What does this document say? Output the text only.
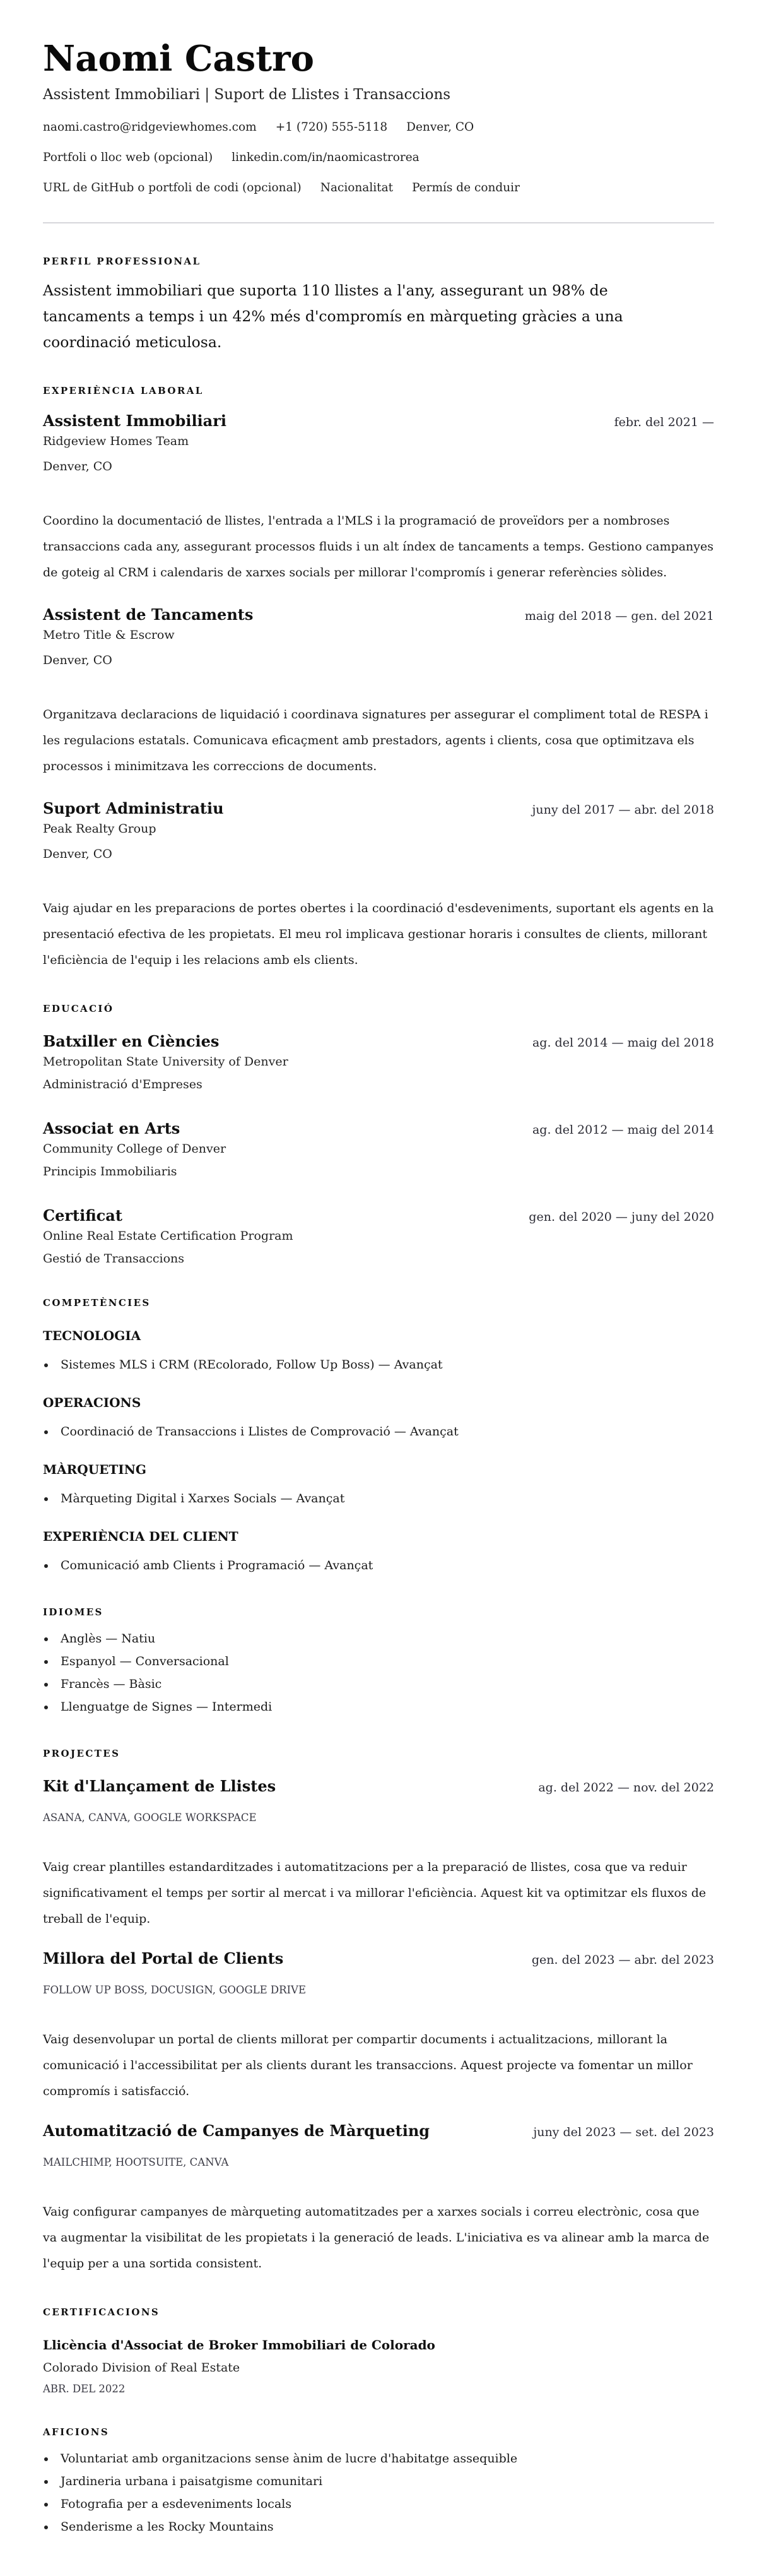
Naomi Castro
Assistent Immobiliari | Suport de Llistes i Transaccions
naomi.castro@ridgeviewhomes.com +1 (720) 555-5118 Denver, CO
Portfoli o lloc web (opcional) linkedin.com/in/naomicastrorea
URL de GitHub o portfoli de codi (opcional) Nacionalitat Permís de conduir
PERFIL PROFESSIONAL

Assistent immobiliari que suporta 110 llistes a l'any, assegurant un 98% de tancaments a temps i un 42% més d'compromís en màrqueting gràcies a una coordinació meticulosa.

EXPERIÈNCIA LABORAL
Assistent Immobiliari	febr. del 2021 —
Ridgeview Homes Team
Denver, CO

Coordino la documentació de llistes, l'entrada a l'MLS i la programació de proveïdors per a nombroses transaccions cada any, assegurant processos fluids i un alt índex de tancaments a temps. Gestiono campanyes de goteig al CRM i calendaris de xarxes socials per millorar l'compromís i generar referències sòlides.

Assistent de Tancaments	maig del 2018 — gen. del 2021
Metro Title & Escrow
Denver, CO

Organitzava declaracions de liquidació i coordinava signatures per assegurar el compliment total de RESPA i les regulacions estatals. Comunicava eficaçment amb prestadors, agents i clients, cosa que optimitzava els processos i minimitzava les correccions de documents.

Suport Administratiu	juny del 2017 — abr. del 2018
Peak Realty Group
Denver, CO

Vaig ajudar en les preparacions de portes obertes i la coordinació d'esdeveniments, suportant els agents en la presentació efectiva de les propietats. El meu rol implicava gestionar horaris i consultes de clients, millorant l'eficiència de l'equip i les relacions amb els clients.

EDUCACIÓ
Batxiller en Ciències	ag. del 2014 — maig del 2018
Metropolitan State University of Denver
Administració d'Empreses
Associat en Arts	ag. del 2012 — maig del 2014
Community College of Denver
Principis Immobiliaris
Certificat	gen. del 2020 — juny del 2020
Online Real Estate Certification Program
Gestió de Transaccions
COMPETÈNCIES
TECNOLOGIA
Sistemes MLS i CRM (REcolorado, Follow Up Boss) — Avançat
OPERACIONS
Coordinació de Transaccions i Llistes de Comprovació — Avançat
MÀRQUETING
Màrqueting Digital i Xarxes Socials — Avançat
EXPERIÈNCIA DEL CLIENT
Comunicació amb Clients i Programació — Avançat
IDIOMES
Anglès — Natiu
Espanyol — Conversacional
Francès — Bàsic
Llenguatge de Signes — Intermedi
PROJECTES
Kit d'Llançament de Llistes	ag. del 2022 — nov. del 2022
ASANA, CANVA, GOOGLE WORKSPACE

Vaig crear plantilles estandarditzades i automatitzacions per a la preparació de llistes, cosa que va reduir significativament el temps per sortir al mercat i va millorar l'eficiència. Aquest kit va optimitzar els fluxos de treball de l'equip.

Millora del Portal de Clients	gen. del 2023 — abr. del 2023
FOLLOW UP BOSS, DOCUSIGN, GOOGLE DRIVE

Vaig desenvolupar un portal de clients millorat per compartir documents i actualitzacions, millorant la comunicació i l'accessibilitat per als clients durant les transaccions. Aquest projecte va fomentar un millor compromís i satisfacció.

Automatització de Campanyes de Màrqueting	juny del 2023 — set. del 2023
MAILCHIMP, HOOTSUITE, CANVA

Vaig configurar campanyes de màrqueting automatitzades per a xarxes socials i correu electrònic, cosa que va augmentar la visibilitat de les propietats i la generació de leads. L'iniciativa es va alinear amb la marca de l'equip per a una sortida consistent.

CERTIFICACIONS
Llicència d'Associat de Broker Immobiliari de Colorado
Colorado Division of Real Estate
ABR. DEL 2022
AFICIONS
Voluntariat amb organitzacions sense ànim de lucre d'habitatge assequible
Jardineria urbana i paisatgisme comunitari
Fotografia per a esdeveniments locals
Senderisme a les Rocky Mountains
